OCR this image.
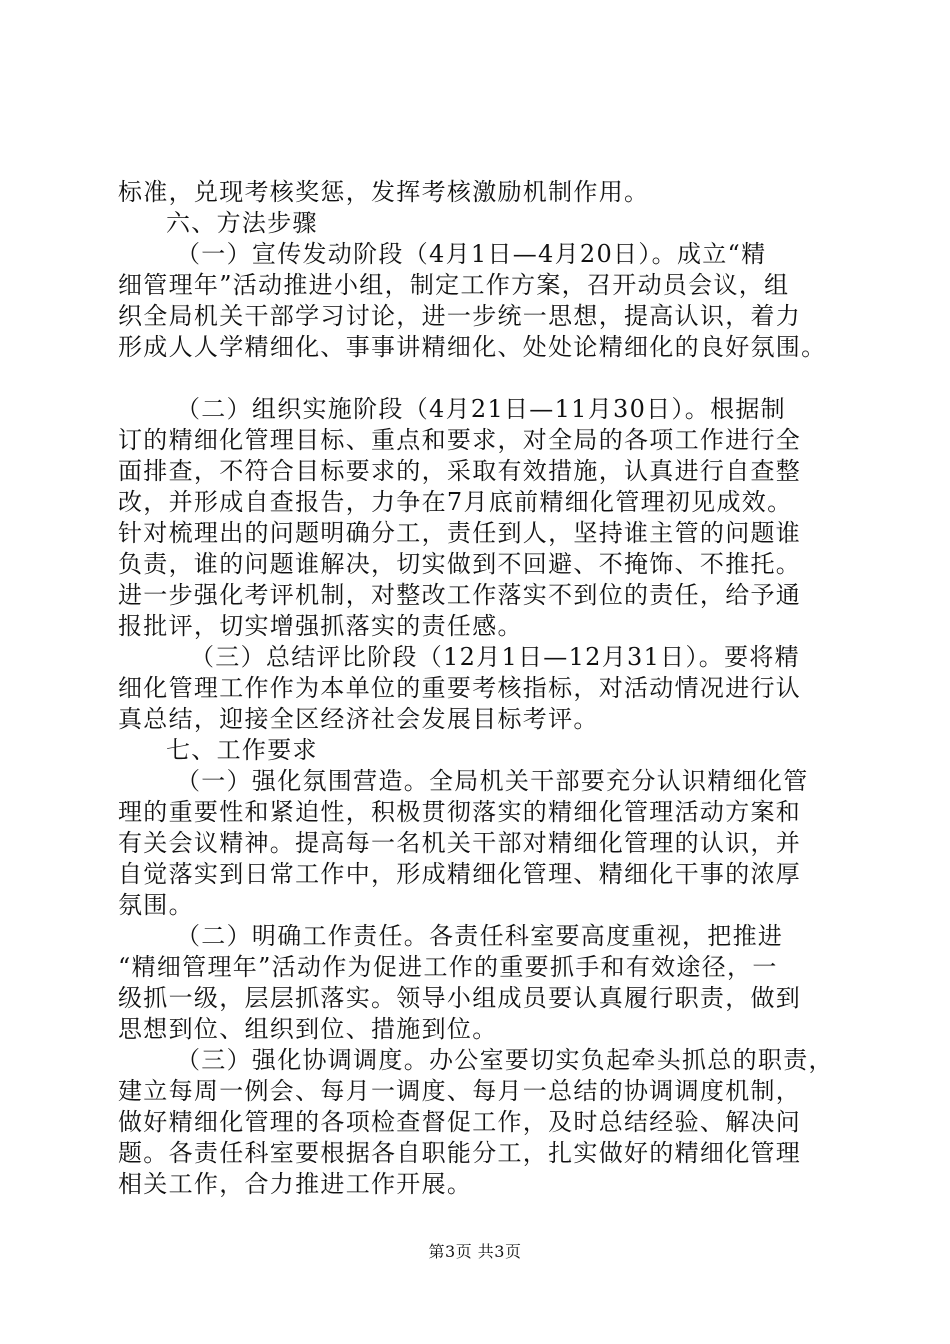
标准，兑现考核奖惩，发挥考核激励机制作用。
六、方法步骤
（一）宣传发动阶段（4月1日—4月20日）。成立“精
细管理年”活动推进小组，制定工作方案，召开动员会议，组
织全局机关干部学习讨论，进一步统一思想，提高认识，着力
形成人人学精细化、事事讲精细化、处处论精细化的良好氛围。
（二）组织实施阶段（4月21日—11月30日）。根据制
订的精细化管理目标、重点和要求，对全局的各项工作进行全
面排查，不符合目标要求的，采取有效措施，认真进行自查整
改，并形成自查报告，力争在7月底前精细化管理初见成效。
针对梳理出的问题明确分工，责任到人，坚持谁主管的问题谁
负责，谁的问题谁解决，切实做到不回避、不掩饰、不推托。
进一步强化考评机制，对整改工作落实不到位的责任，给予通
报批评，切实增强抓落实的责任感。
（三）总结评比阶段（12月1日—12月31日）。要将精
细化管理工作作为本单位的重要考核指标，对活动情况进行认
真总结，迎接全区经济社会发展目标考评。
七、工作要求
（一）强化氛围营造。全局机关干部要充分认识精细化管
理的重要性和紧迫性，积极贯彻落实的精细化管理活动方案和
有关会议精神。提高每一名机关干部对精细化管理的认识，并
自觉落实到日常工作中，形成精细化管理、精细化干事的浓厚
氛围。
（二）明确工作责任。各责任科室要高度重视，把推进
“精细管理年”活动作为促进工作的重要抓手和有效途径，一
级抓一级，层层抓落实。领导小组成员要认真履行职责，做到
思想到位、组织到位、措施到位。
（三）强化协调调度。办公室要切实负起牵头抓总的职责，
建立每周一例会、每月一调度、每月一总结的协调调度机制，
做好精细化管理的各项检查督促工作，及时总结经验、解决问
题。各责任科室要根据各自职能分工，扎实做好的精细化管理
相关工作，合力推进工作开展。
第3页 共3页
